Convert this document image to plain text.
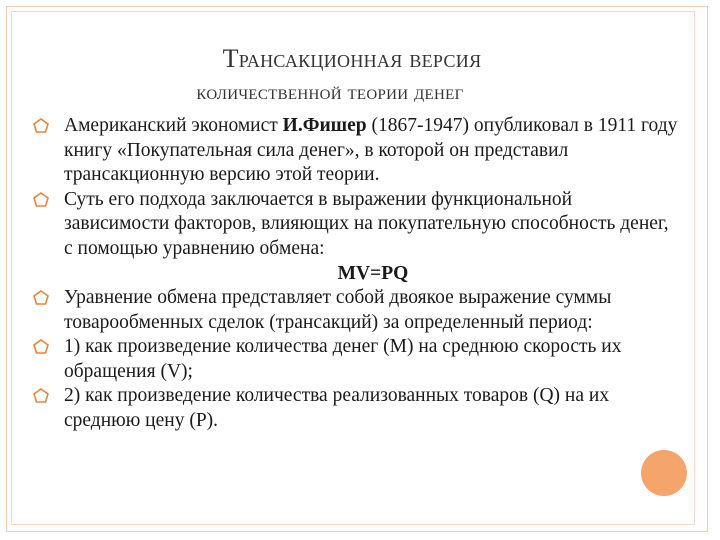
Трансакционная версия
количественной теории денег
Американский экономист И.Фишер (1867-1947) опубликовал в 1911 году книгу «Покупательная сила денег», в которой он представил трансакционную версию этой теории.
Суть его подхода заключается в выражении функциональной зависимости факторов, влияющих на покупательную способность денег, с помощью уравнению обмена:
MV=PQ
Уравнение обмена представляет собой двоякое выражение суммы товарообменных сделок (трансакций) за определенный период:
1) как произведение количества денег (М) на среднюю скорость их обращения (V);
2) как произведение количества реализованных товаров (Q) на их среднюю цену (Р).
